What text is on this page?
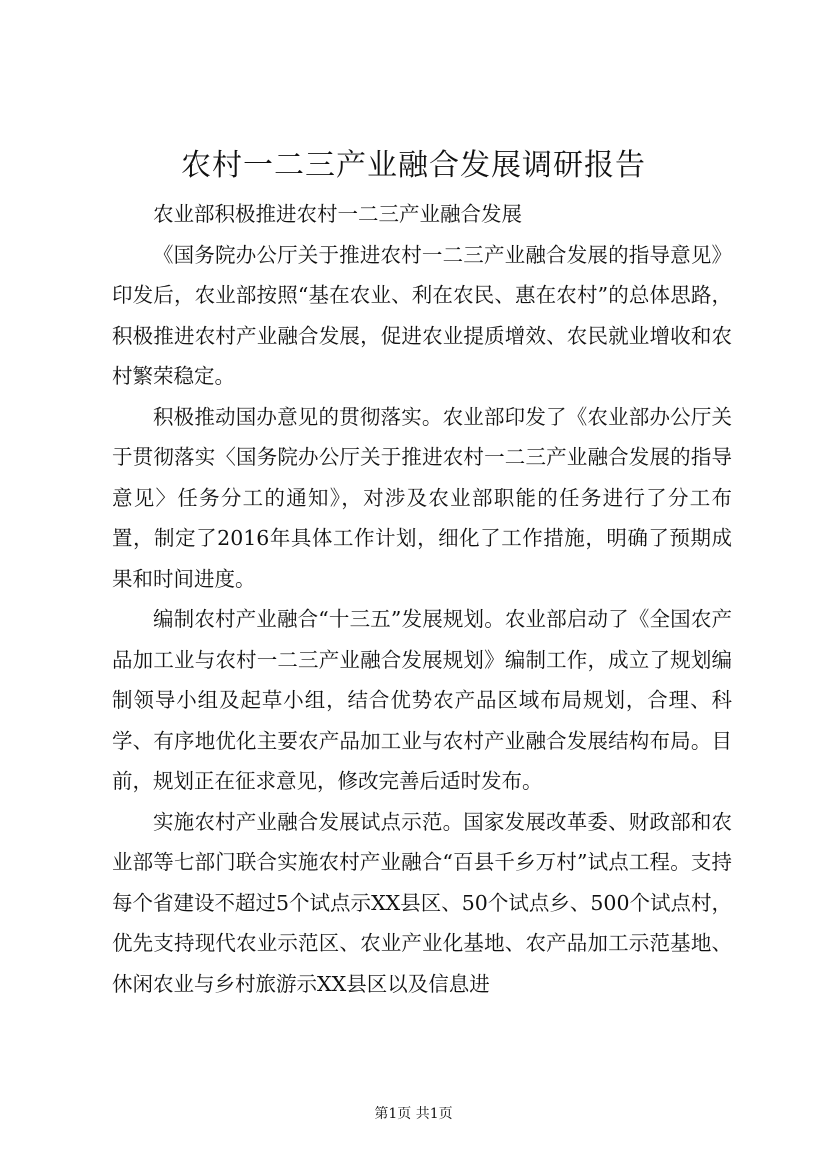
农村一二三产业融合发展调研报告

农业部积极推进农村一二三产业融合发展

《国务院办公厅关于推进农村一二三产业融合发展的指导意见》印发后，农业部按照“基在农业、利在农民、惠在农村”的总体思路，积极推进农村产业融合发展，促进农业提质增效、农民就业增收和农村繁荣稳定。

积极推动国办意见的贯彻落实。农业部印发了《农业部办公厅关于贯彻落实〈国务院办公厅关于推进农村一二三产业融合发展的指导意见〉任务分工的通知》，对涉及农业部职能的任务进行了分工布置，制定了2016年具体工作计划，细化了工作措施，明确了预期成果和时间进度。

编制农村产业融合“十三五”发展规划。农业部启动了《全国农产品加工业与农村一二三产业融合发展规划》编制工作，成立了规划编制领导小组及起草小组，结合优势农产品区域布局规划，合理、科学、有序地优化主要农产品加工业与农村产业融合发展结构布局。目前，规划正在征求意见，修改完善后适时发布。

实施农村产业融合发展试点示范。国家发展改革委、财政部和农业部等七部门联合实施农村产业融合“百县千乡万村”试点工程。支持每个省建设不超过5个试点示XX县区、50个试点乡、500个试点村，优先支持现代农业示范区、农业产业化基地、农产品加工示范基地、休闲农业与乡村旅游示XX县区以及信息进

第1页 共1页
